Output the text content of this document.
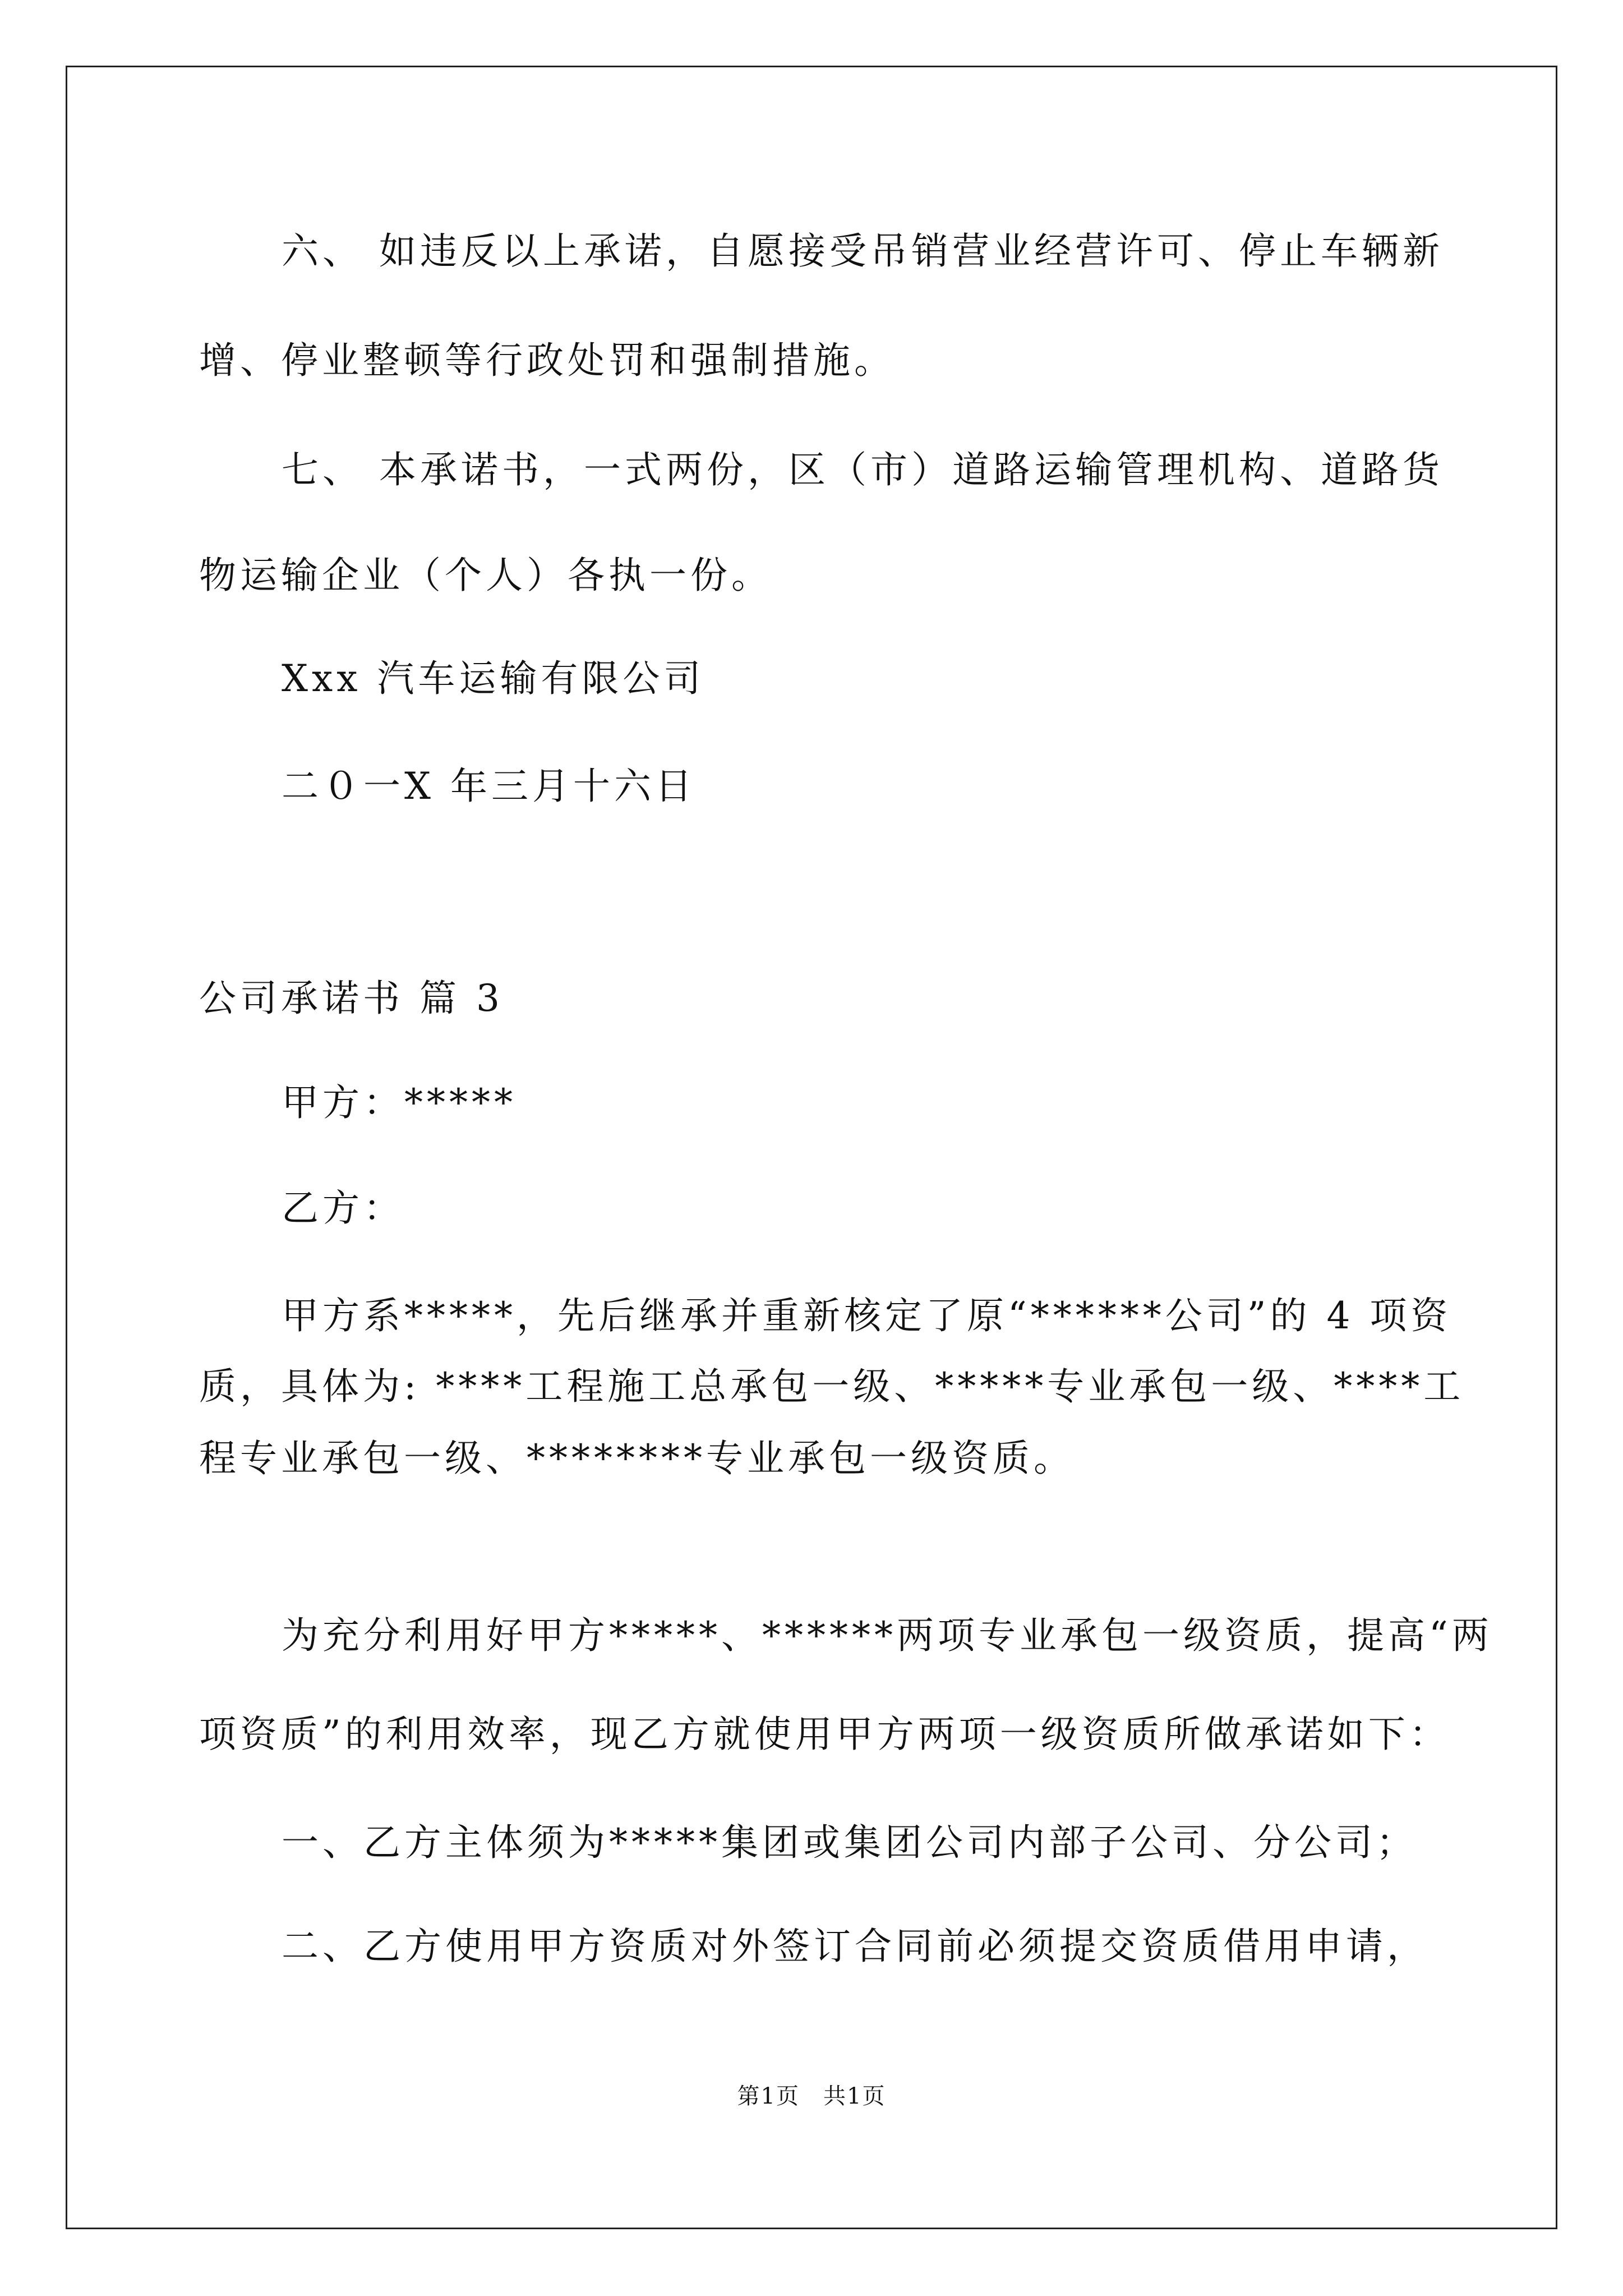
六、 如违反以上承诺，自愿接受吊销营业经营许可、停止车辆新
增、停业整顿等行政处罚和强制措施。
七、 本承诺书，一式两份，区（市）道路运输管理机构、道路货
物运输企业（个人）各执一份。
Xxx 汽车运输有限公司
二０一X 年三月十六日
公司承诺书 篇 3
甲方：*****
乙方：
甲方系*****，先后继承并重新核定了原“******公司”的 4 项资
质，具体为: ****工程施工总承包一级、*****专业承包一级、****工
程专业承包一级、********专业承包一级资质。
为充分利用好甲方*****、******两项专业承包一级资质，提高“两
项资质”的利用效率，现乙方就使用甲方两项一级资质所做承诺如下：
一、乙方主体须为*****集团或集团公司内部子公司、分公司；
二、乙方使用甲方资质对外签订合同前必须提交资质借用申请，
第1页　共1页
